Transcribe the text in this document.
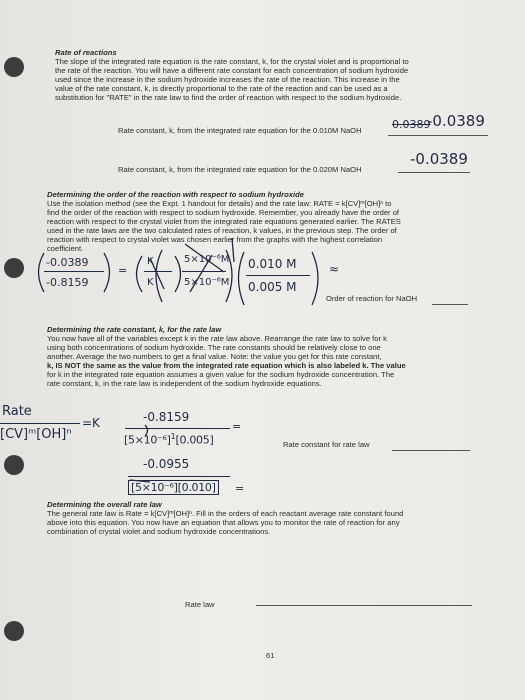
Rate of reactions
The slope of the integrated rate equation is the rate constant, k, for the crystal violet and is proportional to
the rate of the reaction. You will have a different rate constant for each concentration of sodium hydroxide
used since the increase in the sodium hydroxide increases the rate of the reaction. This increase in the
value of the rate constant, k, is directly proportional to the rate of the reaction and can be used as a
substitution for "RATE" in the rate law to find the order of reaction with respect to the sodium hydroxide.
Rate constant, k, from the integrated rate equation for the 0.010M NaOH	0.0389
-0.0389
Rate constant, k, from the integrated rate equation for the 0.020M NaOH
-0.0389
Determining the order of the reaction with respect to sodium hydroxide
Use the isolation method (see the Expt. 1 handout for details) and the rate law: RATE = k[CV]ᵐ[OH]ⁿ to
find the order of the reaction with respect to sodium hydroxide. Remember, you already have the order of
reaction with respect to the crystal violet from the integrated rate equations generated earlier. The RATES
used in the rate laws are the two calculated rates of reaction, k values, in the previous step. The order of
reaction with respect to crystal violet was chosen earlier from the graphs with the highest correlation
coefficient.
-0.0389
-0.8159
=
K
K
5×10⁻⁶M
5×10⁻⁶M
0.010 M
0.005 M
≈
Order of reaction for NaOH
Determining the rate constant, k, for the rate law
You now have all of the variables except k in the rate law above. Rearrange the rate law to solve for k
using both concentrations of sodium hydroxide. The rate constants should be relatively close to one
another. Average the two numbers to get a final value. Note: the value you get for this rate constant,
k, IS NOT the same as the value from the integrated rate equation which is also labeled k. The value
for k in the integrated rate equation assumes a given value for the sodium hydroxide concentration. The
rate constant, k, in the rate law is independent of the sodium hydroxide equations.
Rate
=K
[CV]ᵐ[OH]ⁿ
-0.8159
$[5\times 10^{-6}]^1[0.005]$
=
Rate constant for rate law
-0.0955
[5×10⁻⁶][0.010] =
Determining the overall rate law
The general rate law is Rate = k[CV]ᵐ[OH]ⁿ. Fill in the orders of each reactant average rate constant found
above into this equation. You now have an equation that allows you to monitor the rate of reaction for any
combination of crystal violet and sodium hydroxide concentrations.
Rate law
61
